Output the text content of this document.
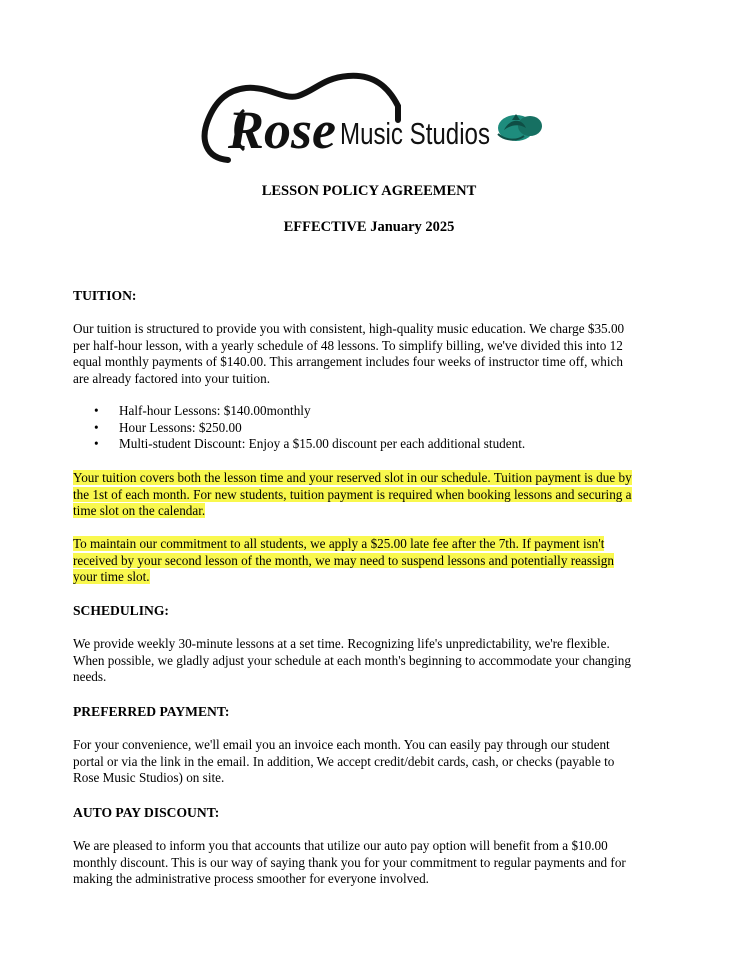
Rose Music Studios
LESSON POLICY AGREEMENT
EFFECTIVE January 2025
TUITION:
Our tuition is structured to provide you with consistent, high-quality music education. We charge $35.00
per half-hour lesson, with a yearly schedule of 48 lessons. To simplify billing, we've divided this into 12
equal monthly payments of $140.00. This arrangement includes four weeks of instructor time off, which
are already factored into your tuition.
• Half-hour Lessons: $140.00monthly
• Hour Lessons: $250.00
• Multi-student Discount: Enjoy a $15.00 discount per each additional student.
Your tuition covers both the lesson time and your reserved slot in our schedule. Tuition payment is due by
the 1st of each month. For new students, tuition payment is required when booking lessons and securing a
time slot on the calendar.
To maintain our commitment to all students, we apply a $25.00 late fee after the 7th. If payment isn't
received by your second lesson of the month, we may need to suspend lessons and potentially reassign
your time slot.
SCHEDULING:
We provide weekly 30-minute lessons at a set time. Recognizing life's unpredictability, we're flexible.
When possible, we gladly adjust your schedule at each month's beginning to accommodate your changing
needs.
PREFERRED PAYMENT:
For your convenience, we'll email you an invoice each month. You can easily pay through our student
portal or via the link in the email. In addition, We accept credit/debit cards, cash, or checks (payable to
Rose Music Studios) on site.
AUTO PAY DISCOUNT:
We are pleased to inform you that accounts that utilize our auto pay option will benefit from a $10.00
monthly discount. This is our way of saying thank you for your commitment to regular payments and for
making the administrative process smoother for everyone involved.
